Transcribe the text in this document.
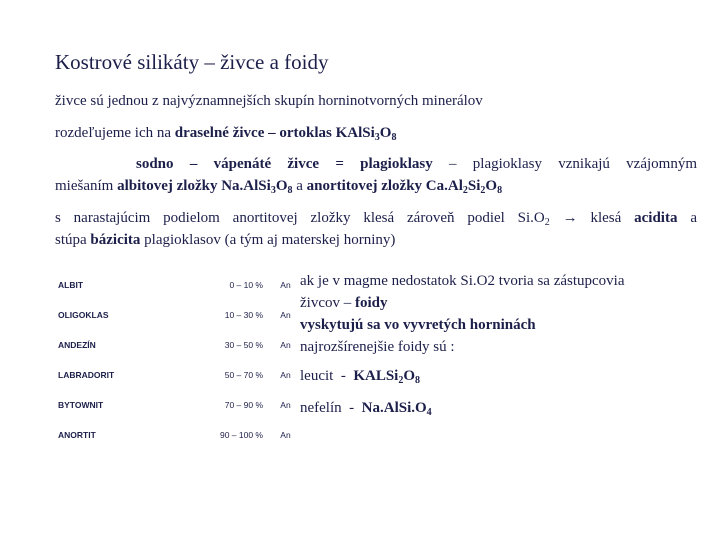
Kostrové silikáty – živce a foidy
živce sú jednou z najvýznamnejších skupín horninotvorných minerálov
rozdeľujeme ich na draselné živce – ortoklas $KAlSi_3O_8$
sodno – vápenáté živce = plagioklasy – plagioklasy vznikajú vzájomným
miešaním albitovej zložky $Na.AlSi_3O_8$ a anortitovej zložky $Ca.Al_2Si_2O_8$
s narastajúcim podielom anortitovej zložky klesá zároveň podiel $Si.O_2$ → klesá acidita a
stúpa bázicita plagioklasov (a tým aj materskej horniny)
ALBIT	0 – 10 %	An
OLIGOKLAS	10 – 30 %	An
ANDEZÍN	30 – 50 %	An
LABRADORIT	50 – 70 %	An
BYTOWNIT	70 – 90 %	An
ANORTIT	90 – 100 %	An
ak je v magme nedostatok Si.O2 tvoria sa zástupcovia živcov – foidy
vyskytujú sa vo vyvretých horninách
najrozšírenejšie foidy sú :
leucit  -  $KALSi_2O_8$
nefelín  -  $Na.AlSi.O_4$
